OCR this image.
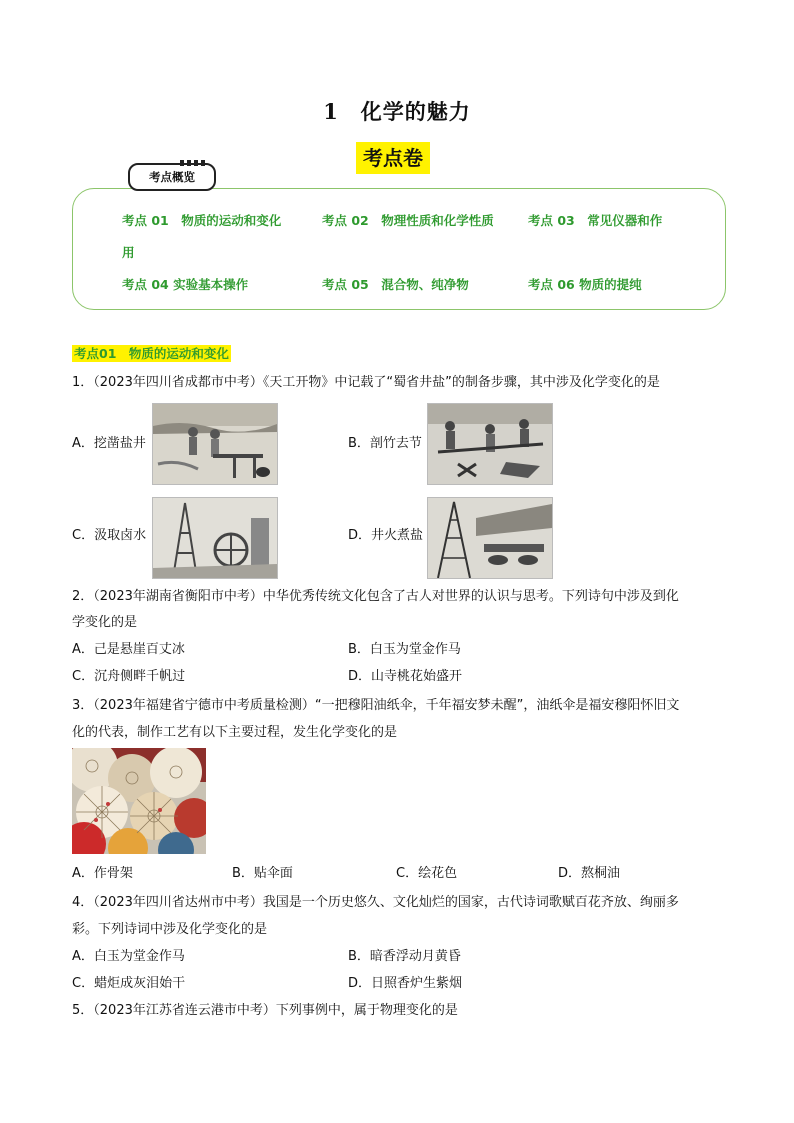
1　化学的魅力
考点卷
考点概览
考点 01　物质的运动和变化	考点 02　物理性质和化学性质	考点 03　常见仪器和作
用
考点 04 实验基本操作	考点 05　混合物、纯净物	考点 06 物质的提纯
考点01　物质的运动和变化
1．（2023年四川省成都市中考）《天工开物》中记载了“蜀省井盐”的制备步骤，其中涉及化学变化的是
A．挖凿盐井	B．剖竹去节
C．汲取卤水	D．井火煮盐
2．（2023年湖南省衡阳市中考）中华优秀传统文化包含了古人对世界的认识与思考。下列诗句中涉及到化
学变化的是
A．己是悬崖百丈冰	B．白玉为堂金作马
C．沉舟侧畔千帆过	D．山寺桃花始盛开
3．（2023年福建省宁德市中考质量检测）“一把穆阳油纸伞，千年福安梦未醒”，油纸伞是福安穆阳怀旧文
化的代表，制作工艺有以下主要过程，发生化学变化的是
A．作骨架	B．贴伞面	C．绘花色	D．熬桐油
4．（2023年四川省达州市中考）我国是一个历史悠久、文化灿烂的国家，古代诗词歌赋百花齐放、绚丽多
彩。下列诗词中涉及化学变化的是
A．白玉为堂金作马	B．暗香浮动月黄昏
C．蜡炬成灰泪始干	D．日照香炉生紫烟
5．（2023年江苏省连云港市中考）下列事例中，属于物理变化的是
